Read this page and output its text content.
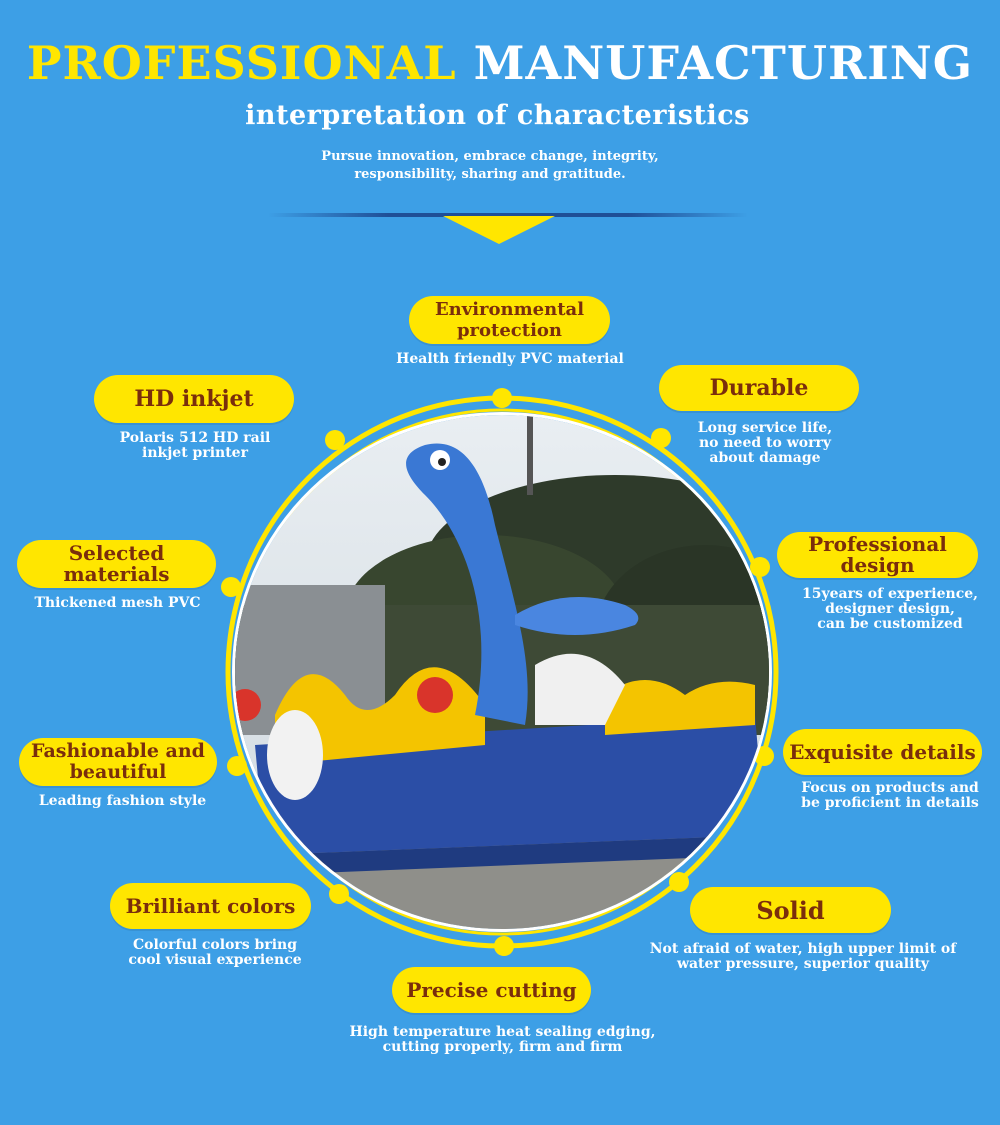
PROFESSIONAL MANUFACTURING
interpretation of characteristics
Pursue innovation, embrace change, integrity,
responsibility, sharing and gratitude.
Environmental
protection
Health friendly PVC material
HD inkjet
Polaris 512 HD rail
inkjet printer
Durable
Long service life,
no need to worry
about damage
Selected
materials
Thickened mesh PVC
Professional
design
15years of experience,
designer design,
can be customized
Fashionable and
beautiful
Leading fashion style
Exquisite details
Focus on products and
be proficient in details
Brilliant colors
Colorful colors bring
cool visual experience
Solid
Not afraid of water, high upper limit of
water pressure, superior quality
Precise cutting
High temperature heat sealing edging,
cutting properly, firm and firm
